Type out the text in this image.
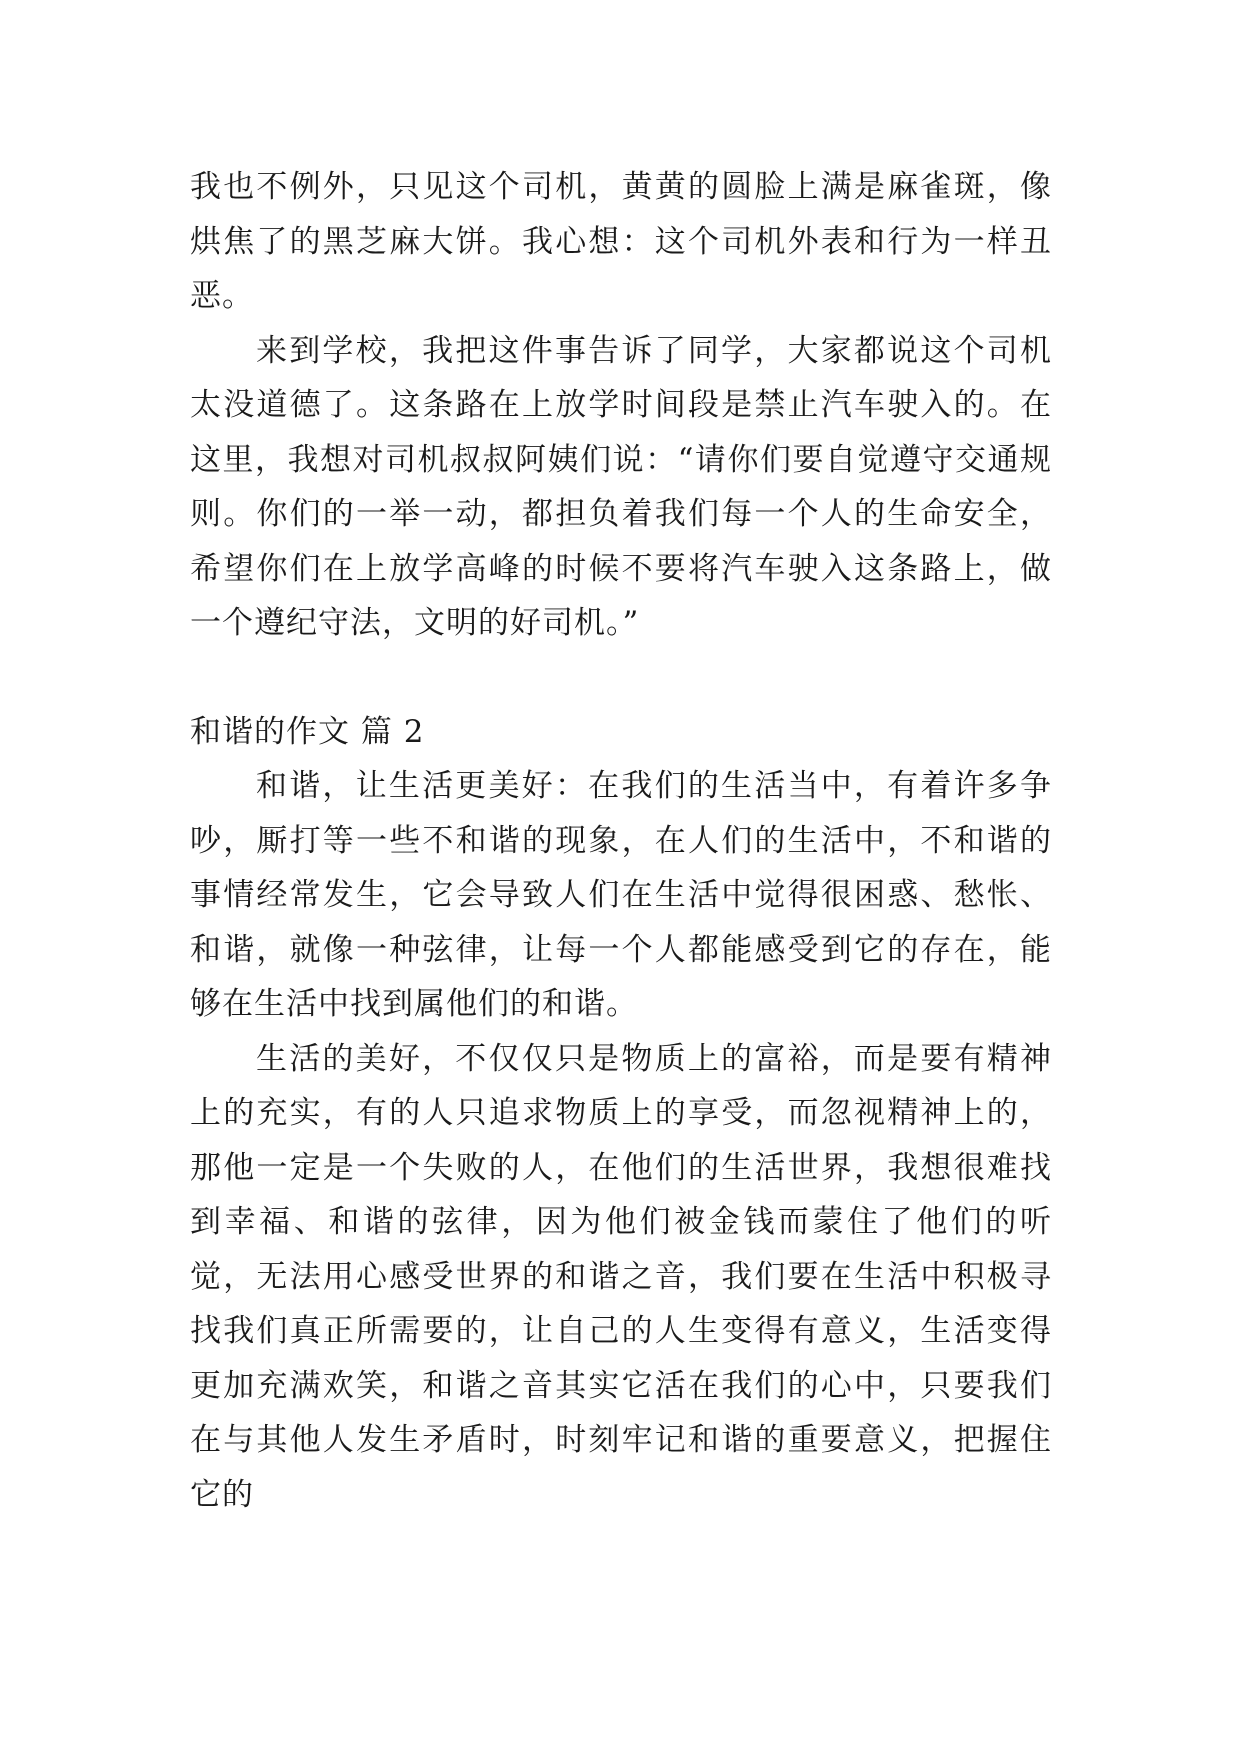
我也不例外，只见这个司机，黄黄的圆脸上满是麻雀斑，像烘焦了的黑芝麻大饼。我心想：这个司机外表和行为一样丑恶。

来到学校，我把这件事告诉了同学，大家都说这个司机太没道德了。这条路在上放学时间段是禁止汽车驶入的。在这里，我想对司机叔叔阿姨们说：“请你们要自觉遵守交通规则。你们的一举一动，都担负着我们每一个人的生命安全，希望你们在上放学高峰的时候不要将汽车驶入这条路上，做一个遵纪守法，文明的好司机。”

和谐的作文 篇 2

和谐，让生活更美好：在我们的生活当中，有着许多争吵，厮打等一些不和谐的现象，在人们的生活中，不和谐的事情经常发生，它会导致人们在生活中觉得很困惑、愁怅、和谐，就像一种弦律，让每一个人都能感受到它的存在，能够在生活中找到属他们的和谐。

生活的美好，不仅仅只是物质上的富裕，而是要有精神上的充实，有的人只追求物质上的享受，而忽视精神上的，那他一定是一个失败的人，在他们的生活世界，我想很难找到幸福、和谐的弦律，因为他们被金钱而蒙住了他们的听觉，无法用心感受世界的和谐之音，我们要在生活中积极寻找我们真正所需要的，让自己的人生变得有意义，生活变得更加充满欢笑，和谐之音其实它活在我们的心中，只要我们在与其他人发生矛盾时，时刻牢记和谐的重要意义，把握住它的
